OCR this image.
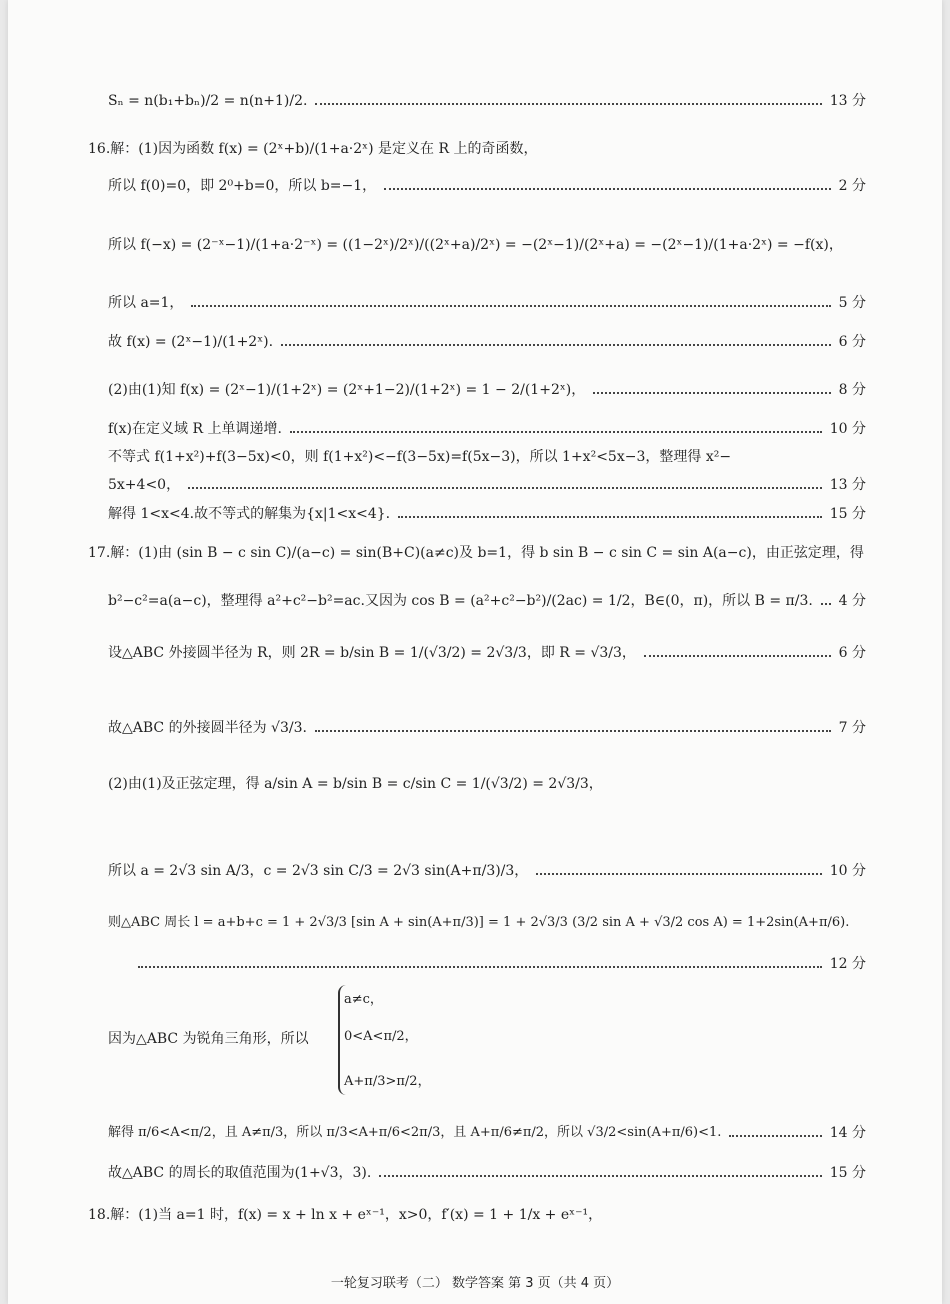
Sₙ = n(b₁+bₙ)/2 = n(n+1)/2.	13 分
16.解：(1)因为函数 f(x) = (2ˣ+b)/(1+a·2ˣ) 是定义在 R 上的奇函数，
所以 f(0)=0，即 2⁰+b=0，所以 b=−1，	2 分
所以 f(−x) = (2⁻ˣ−1)/(1+a·2⁻ˣ) = ((1−2ˣ)/2ˣ)/((2ˣ+a)/2ˣ) = −(2ˣ−1)/(2ˣ+a) = −(2ˣ−1)/(1+a·2ˣ) = −f(x)，
所以 a=1，	5 分
故 f(x) = (2ˣ−1)/(1+2ˣ).	6 分
(2)由(1)知 f(x) = (2ˣ−1)/(1+2ˣ) = (2ˣ+1−2)/(1+2ˣ) = 1 − 2/(1+2ˣ)，	8 分
f(x)在定义域 R 上单调递增.	10 分
不等式 f(1+x²)+f(3−5x)<0，则 f(1+x²)<−f(3−5x)=f(5x−3)，所以 1+x²<5x−3，整理得 x²−
5x+4<0，	13 分
解得 1<x<4.故不等式的解集为{x|1<x<4}.	15 分
17.解：(1)由 (sin B − c sin C)/(a−c) = sin(B+C)(a≠c)及 b=1，得 b sin B − c sin C = sin A(a−c)，由正弦定理，得
b²−c²=a(a−c)，整理得 a²+c²−b²=ac.又因为 cos B = (a²+c²−b²)/(2ac) = 1/2，B∈(0，π)，所以 B = π/3. 4 分
设△ABC 外接圆半径为 R，则 2R = b/sin B = 1/(√3/2) = 2√3/3，即 R = √3/3，	6 分
故△ABC 的外接圆半径为 √3/3.	7 分
(2)由(1)及正弦定理，得 a/sin A = b/sin B = c/sin C = 1/(√3/2) = 2√3/3，
所以 a = 2√3 sin A/3，c = 2√3 sin C/3 = 2√3 sin(A+π/3)/3，	10 分
则△ABC 周长 l = a+b+c = 1 + 2√3/3 [sin A + sin(A+π/3)] = 1 + 2√3/3 (3/2 sin A + √3/2 cos A) = 1+2sin(A+π/6).
12 分
因为△ABC 为锐角三角形，所以
a≠c，
0<A<π/2，
A+π/3>π/2，
解得 π/6<A<π/2，且 A≠π/3，所以 π/3<A+π/6<2π/3，且 A+π/6≠π/2，所以 √3/2<sin(A+π/6)<1.	14 分
故△ABC 的周长的取值范围为(1+√3，3).	15 分
18.解：(1)当 a=1 时，f(x) = x + ln x + eˣ⁻¹，x>0，f′(x) = 1 + 1/x + eˣ⁻¹，
一轮复习联考（二） 数学答案 第 3 页（共 4 页）
